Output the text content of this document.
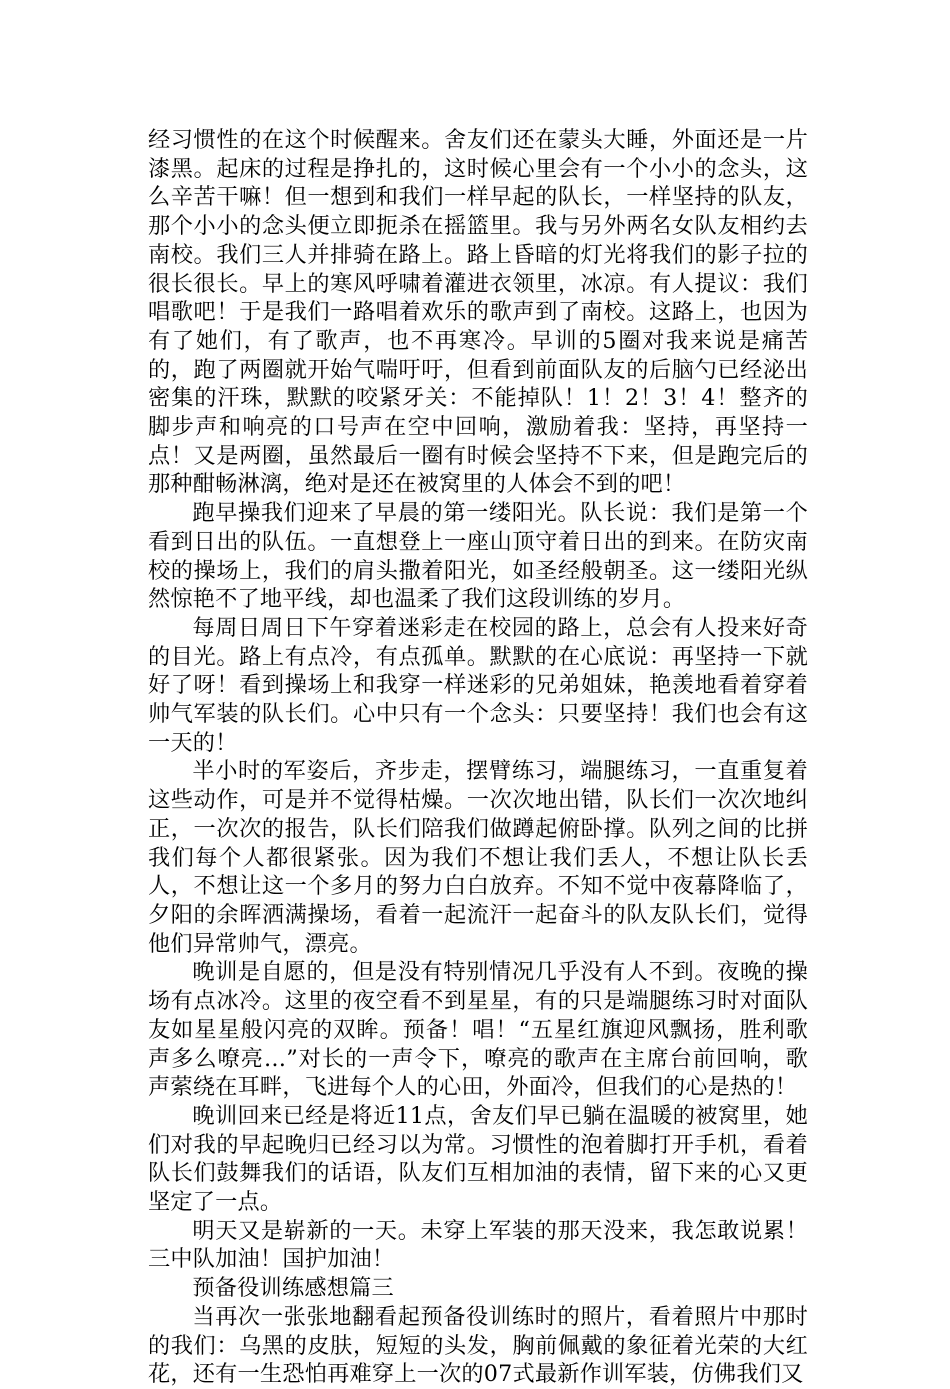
经习惯性的在这个时候醒来。舍友们还在蒙头大睡，外面还是一片漆黑。起床的过程是挣扎的，这时候心里会有一个小小的念头，这么辛苦干嘛！但一想到和我们一样早起的队长，一样坚持的队友，那个小小的念头便立即扼杀在摇篮里。我与另外两名女队友相约去南校。我们三人并排骑在路上。路上昏暗的灯光将我们的影子拉的很长很长。早上的寒风呼啸着灌进衣领里，冰凉。有人提议：我们唱歌吧！于是我们一路唱着欢乐的歌声到了南校。这路上，也因为有了她们，有了歌声，也不再寒冷。早训的5圈对我来说是痛苦的，跑了两圈就开始气喘吁吁，但看到前面队友的后脑勺已经泌出密集的汗珠，默默的咬紧牙关：不能掉队！1！2！3！4！整齐的脚步声和响亮的口号声在空中回响，激励着我：坚持，再坚持一点！又是两圈，虽然最后一圈有时候会坚持不下来，但是跑完后的那种酣畅淋漓，绝对是还在被窝里的人体会不到的吧！

跑早操我们迎来了早晨的第一缕阳光。队长说：我们是第一个看到日出的队伍。一直想登上一座山顶守着日出的到来。在防灾南校的操场上，我们的肩头撒着阳光，如圣经般朝圣。这一缕阳光纵然惊艳不了地平线，却也温柔了我们这段训练的岁月。

每周日周日下午穿着迷彩走在校园的路上，总会有人投来好奇的目光。路上有点冷，有点孤单。默默的在心底说：再坚持一下就好了呀！看到操场上和我穿一样迷彩的兄弟姐妹，艳羡地看着穿着帅气军装的队长们。心中只有一个念头：只要坚持！我们也会有这一天的！

半小时的军姿后，齐步走，摆臂练习，端腿练习，一直重复着这些动作，可是并不觉得枯燥。一次次地出错，队长们一次次地纠正，一次次的报告，队长们陪我们做蹲起俯卧撑。队列之间的比拼我们每个人都很紧张。因为我们不想让我们丢人，不想让队长丢人，不想让这一个多月的努力白白放弃。不知不觉中夜幕降临了，夕阳的余晖洒满操场，看着一起流汗一起奋斗的队友队长们，觉得他们异常帅气，漂亮。

晚训是自愿的，但是没有特别情况几乎没有人不到。夜晚的操场有点冰冷。这里的夜空看不到星星，有的只是端腿练习时对面队友如星星般闪亮的双眸。预备！唱！“五星红旗迎风飘扬，胜利歌声多么嘹亮…”对长的一声令下，嘹亮的歌声在主席台前回响，歌声萦绕在耳畔，飞进每个人的心田，外面冷，但我们的心是热的！

晚训回来已经是将近11点，舍友们早已躺在温暖的被窝里，她们对我的早起晚归已经习以为常。习惯性的泡着脚打开手机，看着队长们鼓舞我们的话语，队友们互相加油的表情，留下来的心又更坚定了一点。

明天又是崭新的一天。未穿上军装的那天没来，我怎敢说累！三中队加油！国护加油！

预备役训练感想篇三

当再次一张张地翻看起预备役训练时的照片，看着照片中那时的我们：乌黑的皮肤，短短的头发，胸前佩戴的象征着光荣的大红花，还有一生恐怕再难穿上一次的07式最新作训军装，仿佛我们又
